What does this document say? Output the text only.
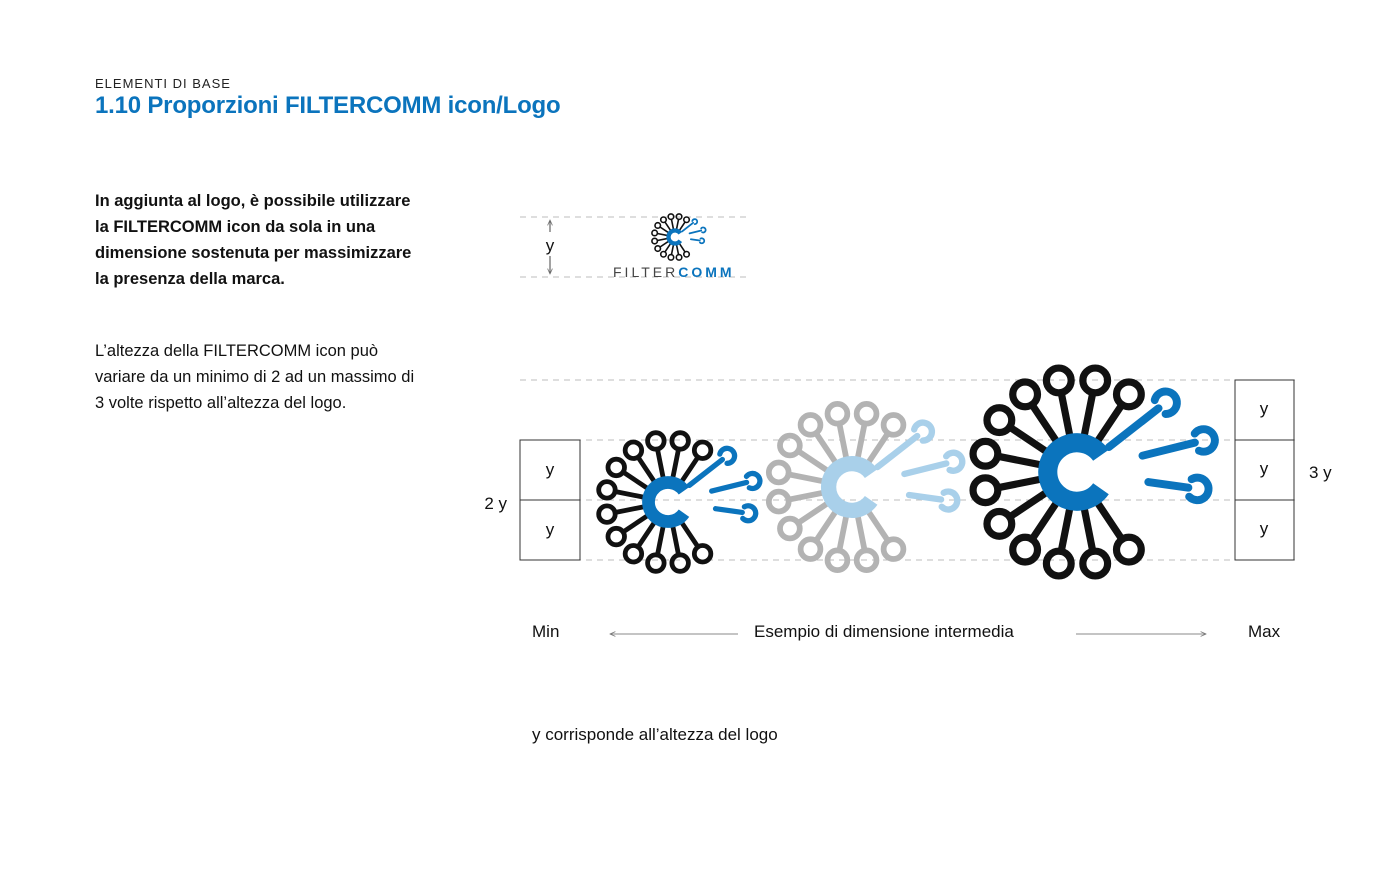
ELEMENTI DI BASE
1.10 Proporzioni FILTERCOMM icon/Logo
In aggiunta al logo, è possibile utilizzare la FILTERCOMM icon da sola in una dimensione sostenuta per massimizzare la presenza della marca.
L’altezza della FILTERCOMM icon può variare da un minimo di 2 ad un massimo di 3 volte rispetto all’altezza del logo.
y
FILTERCOMM
y
y
2 y
y
y
y
3 y
Min	Esempio di dimensione intermedia	Max
y corrisponde all’altezza del logo
